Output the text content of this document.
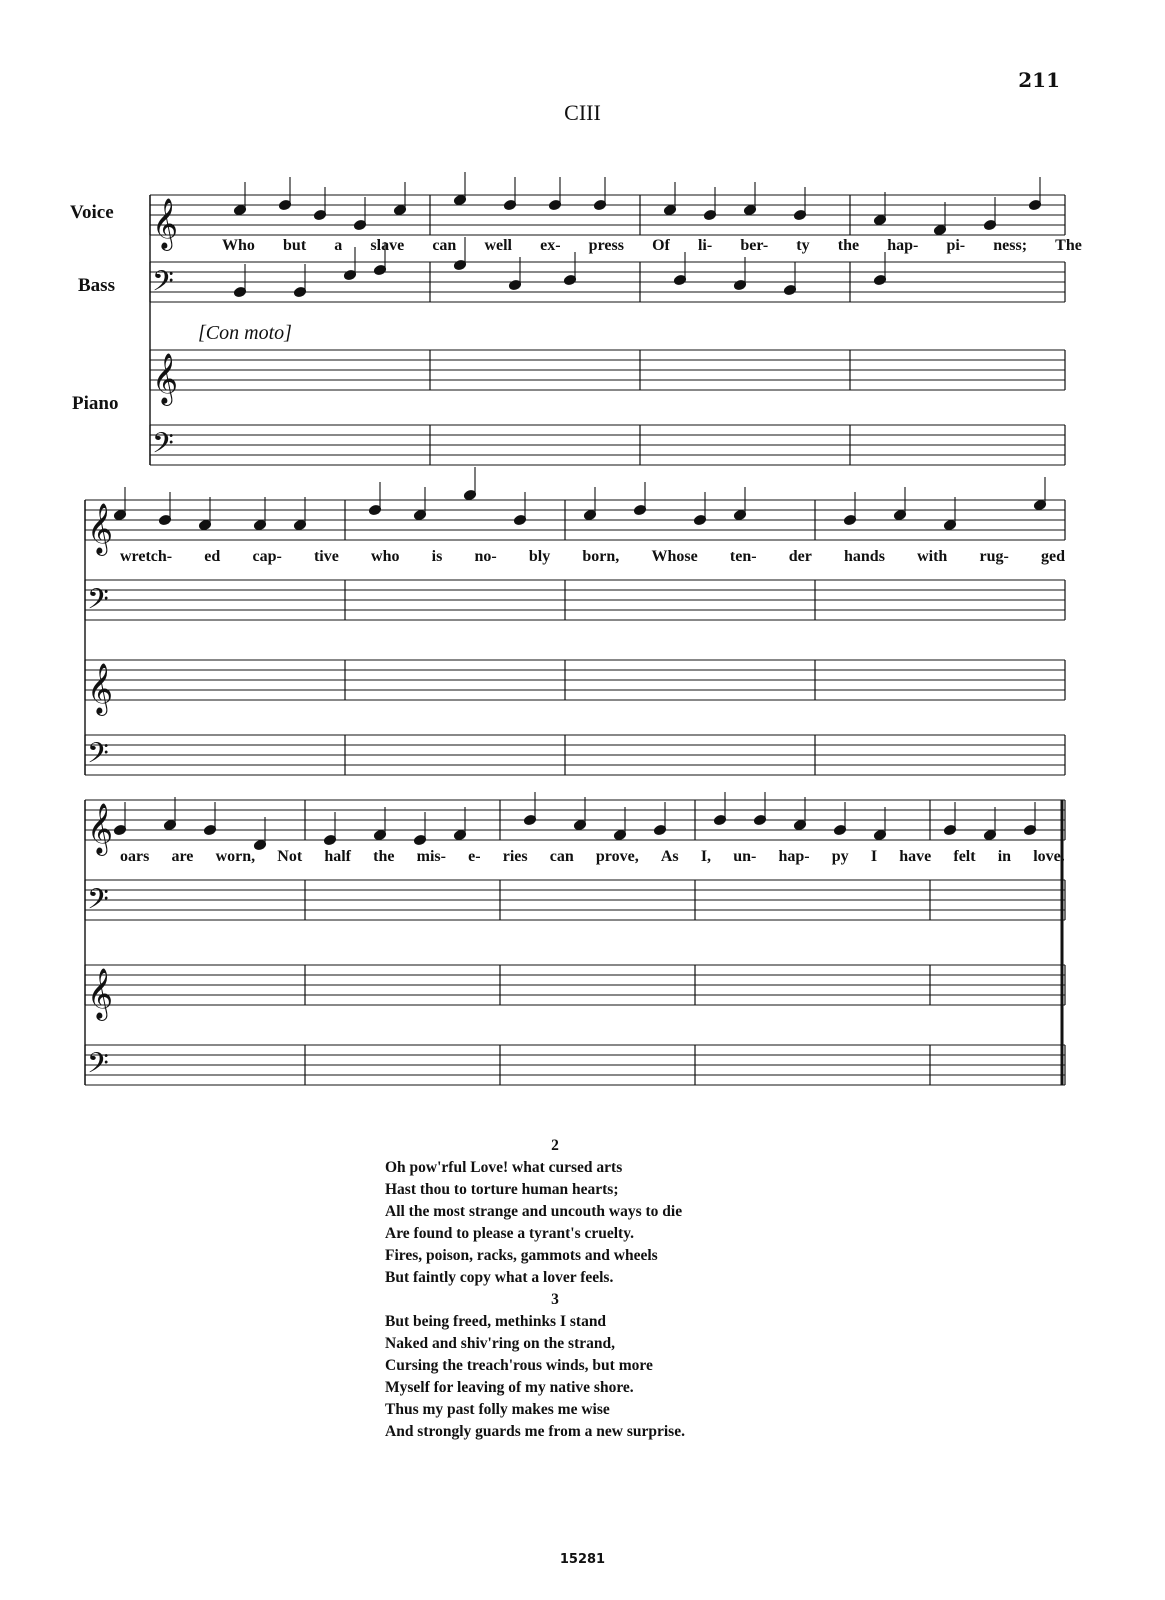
211
CIII
Voice
Bass
Piano
[Con moto]
𝄞
𝄢
𝄞
𝄢
𝄞
𝄢
𝄞
𝄢
𝄞
𝄢
𝄞
𝄢
Who but a slave can well ex- press Of li- ber- ty the hap- pi- ness; The
wretch- ed cap- tive who is no- bly born, Whose ten- der hands with rug- ged
oars are worn, Not half the mis- e- ries can prove, As I, un- hap- py I have felt in love.
2
Oh pow'rful Love! what cursed arts
Hast thou to torture human hearts;
All the most strange and uncouth ways to die
Are found to please a tyrant's cruelty.
Fires, poison, racks, gammots and wheels
But faintly copy what a lover feels.
3
But being freed, methinks I stand
Naked and shiv'ring on the strand,
Cursing the treach'rous winds, but more
Myself for leaving of my native shore.
Thus my past folly makes me wise
And strongly guards me from a new surprise.
15281
